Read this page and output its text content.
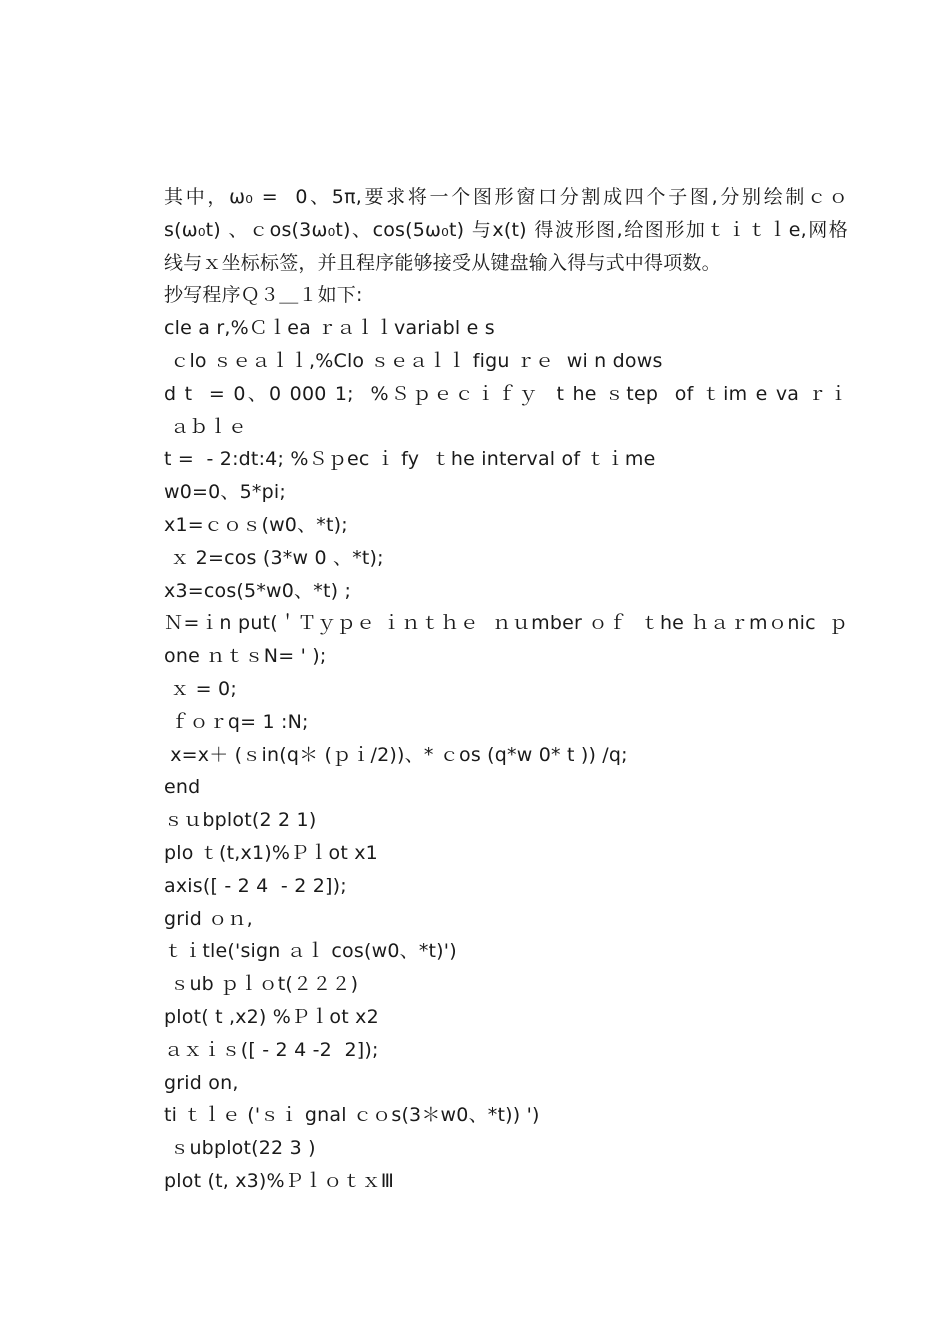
其中，ω₀ =  0、5π,要求将一个图形窗口分割成四个子图,分别绘制ｃｏ
s(ω₀t) 、ｃos(3ω₀t)、cos(5ω₀t) 与x(t) 得波形图,给图形加ｔｉｔｌe,网格
线与ｘ坐标标签，并且程序能够接受从键盘输入得与式中得项数。
抄写程序Ｑ３＿１如下:
cle a r,%Ｃｌea ｒａｌｌvariabl e s
ｃlo ｓｅａｌｌ,%Clo ｓｅａｌｌ figu ｒｅ  wi n dows
d t  = 0、0 000 1;  %Ｓｐｅｃｉｆｙ  t he ｓtep  of ｔim e va ｒｉ
ａｂｌｅ
t =  - 2:dt:4; %Ｓｐec ｉ fy  ｔhe interval of ｔｉme
w0=0、5*pi;
x1=ｃｏｓ(w0、*t);
ｘ 2=cos (3*w 0 、*t);
x3=cos(5*w0、*t) ;
Ｎ=ｉn put(＇Ｔｙｐｅ ｉｎｔｈｅ  ｎｕmber ｏｆ  ｔhe ｈａｒmｏnic  ｐ
one ｎｔｓN= ' );
ｘ = 0;
ｆｏｒq= 1 :N;
x=x＋ (ｓin(q＊ (ｐｉ/2))、* ｃos (q*w 0* t )) /q;
end
ｓｕbplot(2 2 1)
plo ｔ(t,x1)%Ｐｌot x1
axis([ - 2 4  - 2 2]);
grid ｏｎ,
ｔｉtle('sign ａｌ cos(w0、*t)')
ｓub ｐｌｏt(２２２)
plot( t ,x2) %Ｐｌot x2
ａｘｉｓ([ - 2 4 -2  2]);
grid on,
ti ｔｌｅ ('ｓｉ gnal ｃｏs(3＊w0、*t)) ')
ｓubplot(22 3 )
plot (t, x3)%ＰｌｏｔｘⅢ
